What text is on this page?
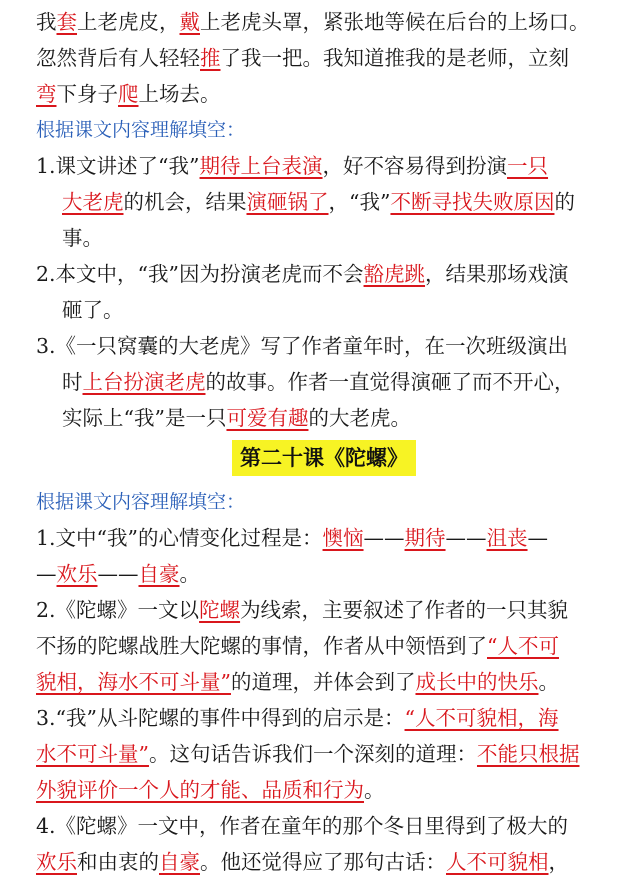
我套上老虎皮，戴上老虎头罩，紧张地等候在后台的上场口。
忽然背后有人轻轻推了我一把。我知道推我的是老师，立刻
弯下身子爬上场去。
根据课文内容理解填空：
1.课文讲述了“我”期待上台表演，好不容易得到扮演一只
大老虎的机会，结果演砸锅了，“我”不断寻找失败原因的
事。
2.本文中，“我”因为扮演老虎而不会豁虎跳，结果那场戏演
砸了。
3.《一只窝囊的大老虎》写了作者童年时，在一次班级演出
时上台扮演老虎的故事。作者一直觉得演砸了而不开心，
实际上“我”是一只可爱有趣的大老虎。
第二十课《陀螺》
根据课文内容理解填空：
1.文中“我”的心情变化过程是：懊恼——期待——沮丧—
—欢乐——自豪。
2.《陀螺》一文以陀螺为线索，主要叙述了作者的一只其貌
不扬的陀螺战胜大陀螺的事情，作者从中领悟到了“人不可
貌相，海水不可斗量”的道理，并体会到了成长中的快乐。
3.“我”从斗陀螺的事件中得到的启示是：“人不可貌相，海
水不可斗量”。这句话告诉我们一个深刻的道理：不能只根据
外貌评价一个人的才能、品质和行为。
4.《陀螺》一文中，作者在童年的那个冬日里得到了极大的
欢乐和由衷的自豪。他还觉得应了那句古话：人不可貌相，
